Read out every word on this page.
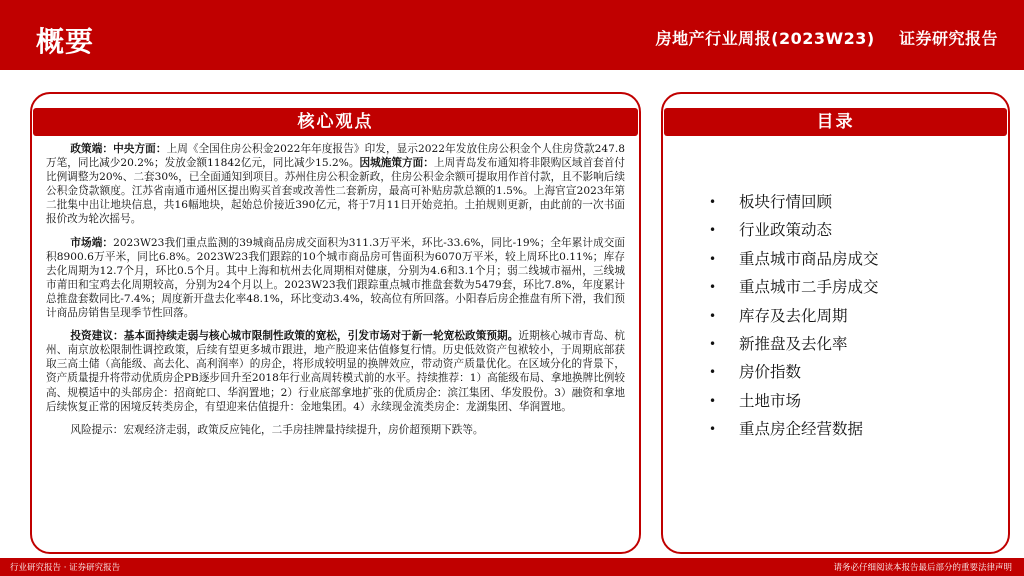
概要	房地产行业周报(2023W23) 证券研究报告
核心观点

政策端：中央方面：上周《全国住房公积金2022年年度报告》印发，显示2022年发放住房公积金个人住房贷款247.8万笔，同比减少20.2%；发放金额11842亿元，同比减少15.2%。因城施策方面：上周青岛发布通知将非限购区域首套首付比例调整为20%、二套30%，已全面通知到项目。苏州住房公积金新政，住房公积金余额可提取用作首付款，且不影响后续公积金贷款额度。江苏省南通市通州区提出购买首套或改善性二套新房，最高可补贴房款总额的1.5%。上海官宣2023年第二批集中出让地块信息，共16幅地块，起始总价接近390亿元，将于7月11日开始竞拍。土拍规则更新，由此前的一次书面报价改为轮次摇号。

市场端：2023W23我们重点监测的39城商品房成交面积为311.3万平米，环比-33.6%，同比-19%；全年累计成交面积8900.6万平米，同比6.8%。2023W23我们跟踪的10个城市商品房可售面积为6070万平米，较上周环比0.11%；库存去化周期为12.7个月，环比0.5个月。其中上海和杭州去化周期相对健康，分别为4.6和3.1个月；弱二线城市福州，三线城市莆田和宝鸡去化周期较高，分别为24个月以上。2023W23我们跟踪重点城市推盘套数为5479套，环比7.8%，年度累计总推盘套数同比-7.4%；周度新开盘去化率48.1%，环比变动3.4%，较高位有所回落。小阳春后房企推盘有所下滑，我们预计商品房销售呈现季节性回落。

投资建议：基本面持续走弱与核心城市限制性政策的宽松，引发市场对于新一轮宽松政策预期。近期核心城市青岛、杭州、南京放松限制性调控政策，后续有望更多城市跟进，地产股迎来估值修复行情。历史低效资产包袱较小，于周期底部获取三高土储（高能级、高去化、高利润率）的房企，将形成较明显的换牌效应，带动资产质量优化。在区域分化的背景下，资产质量提升将带动优质房企PB逐步回升至2018年行业高周转模式前的水平。持续推荐：1）高能级布局、拿地换牌比例较高、规模适中的头部房企：招商蛇口、华润置地；2）行业底部拿地扩张的优质房企：滨江集团、华发股份。3）融资和拿地后续恢复正常的困境反转类房企，有望迎来估值提升：金地集团。4）永续现金流类房企：龙湖集团、华润置地。

风险提示：宏观经济走弱，政策反应钝化，二手房挂牌量持续提升，房价超预期下跌等。

目录
•	板块行情回顾
•	行业政策动态
•	重点城市商品房成交
•	重点城市二手房成交
•	库存及去化周期
•	新推盘及去化率
•	房价指数
•	土地市场
•	重点房企经营数据
行业研究报告 · 证券研究报告	请务必仔细阅读本报告最后部分的重要法律声明
